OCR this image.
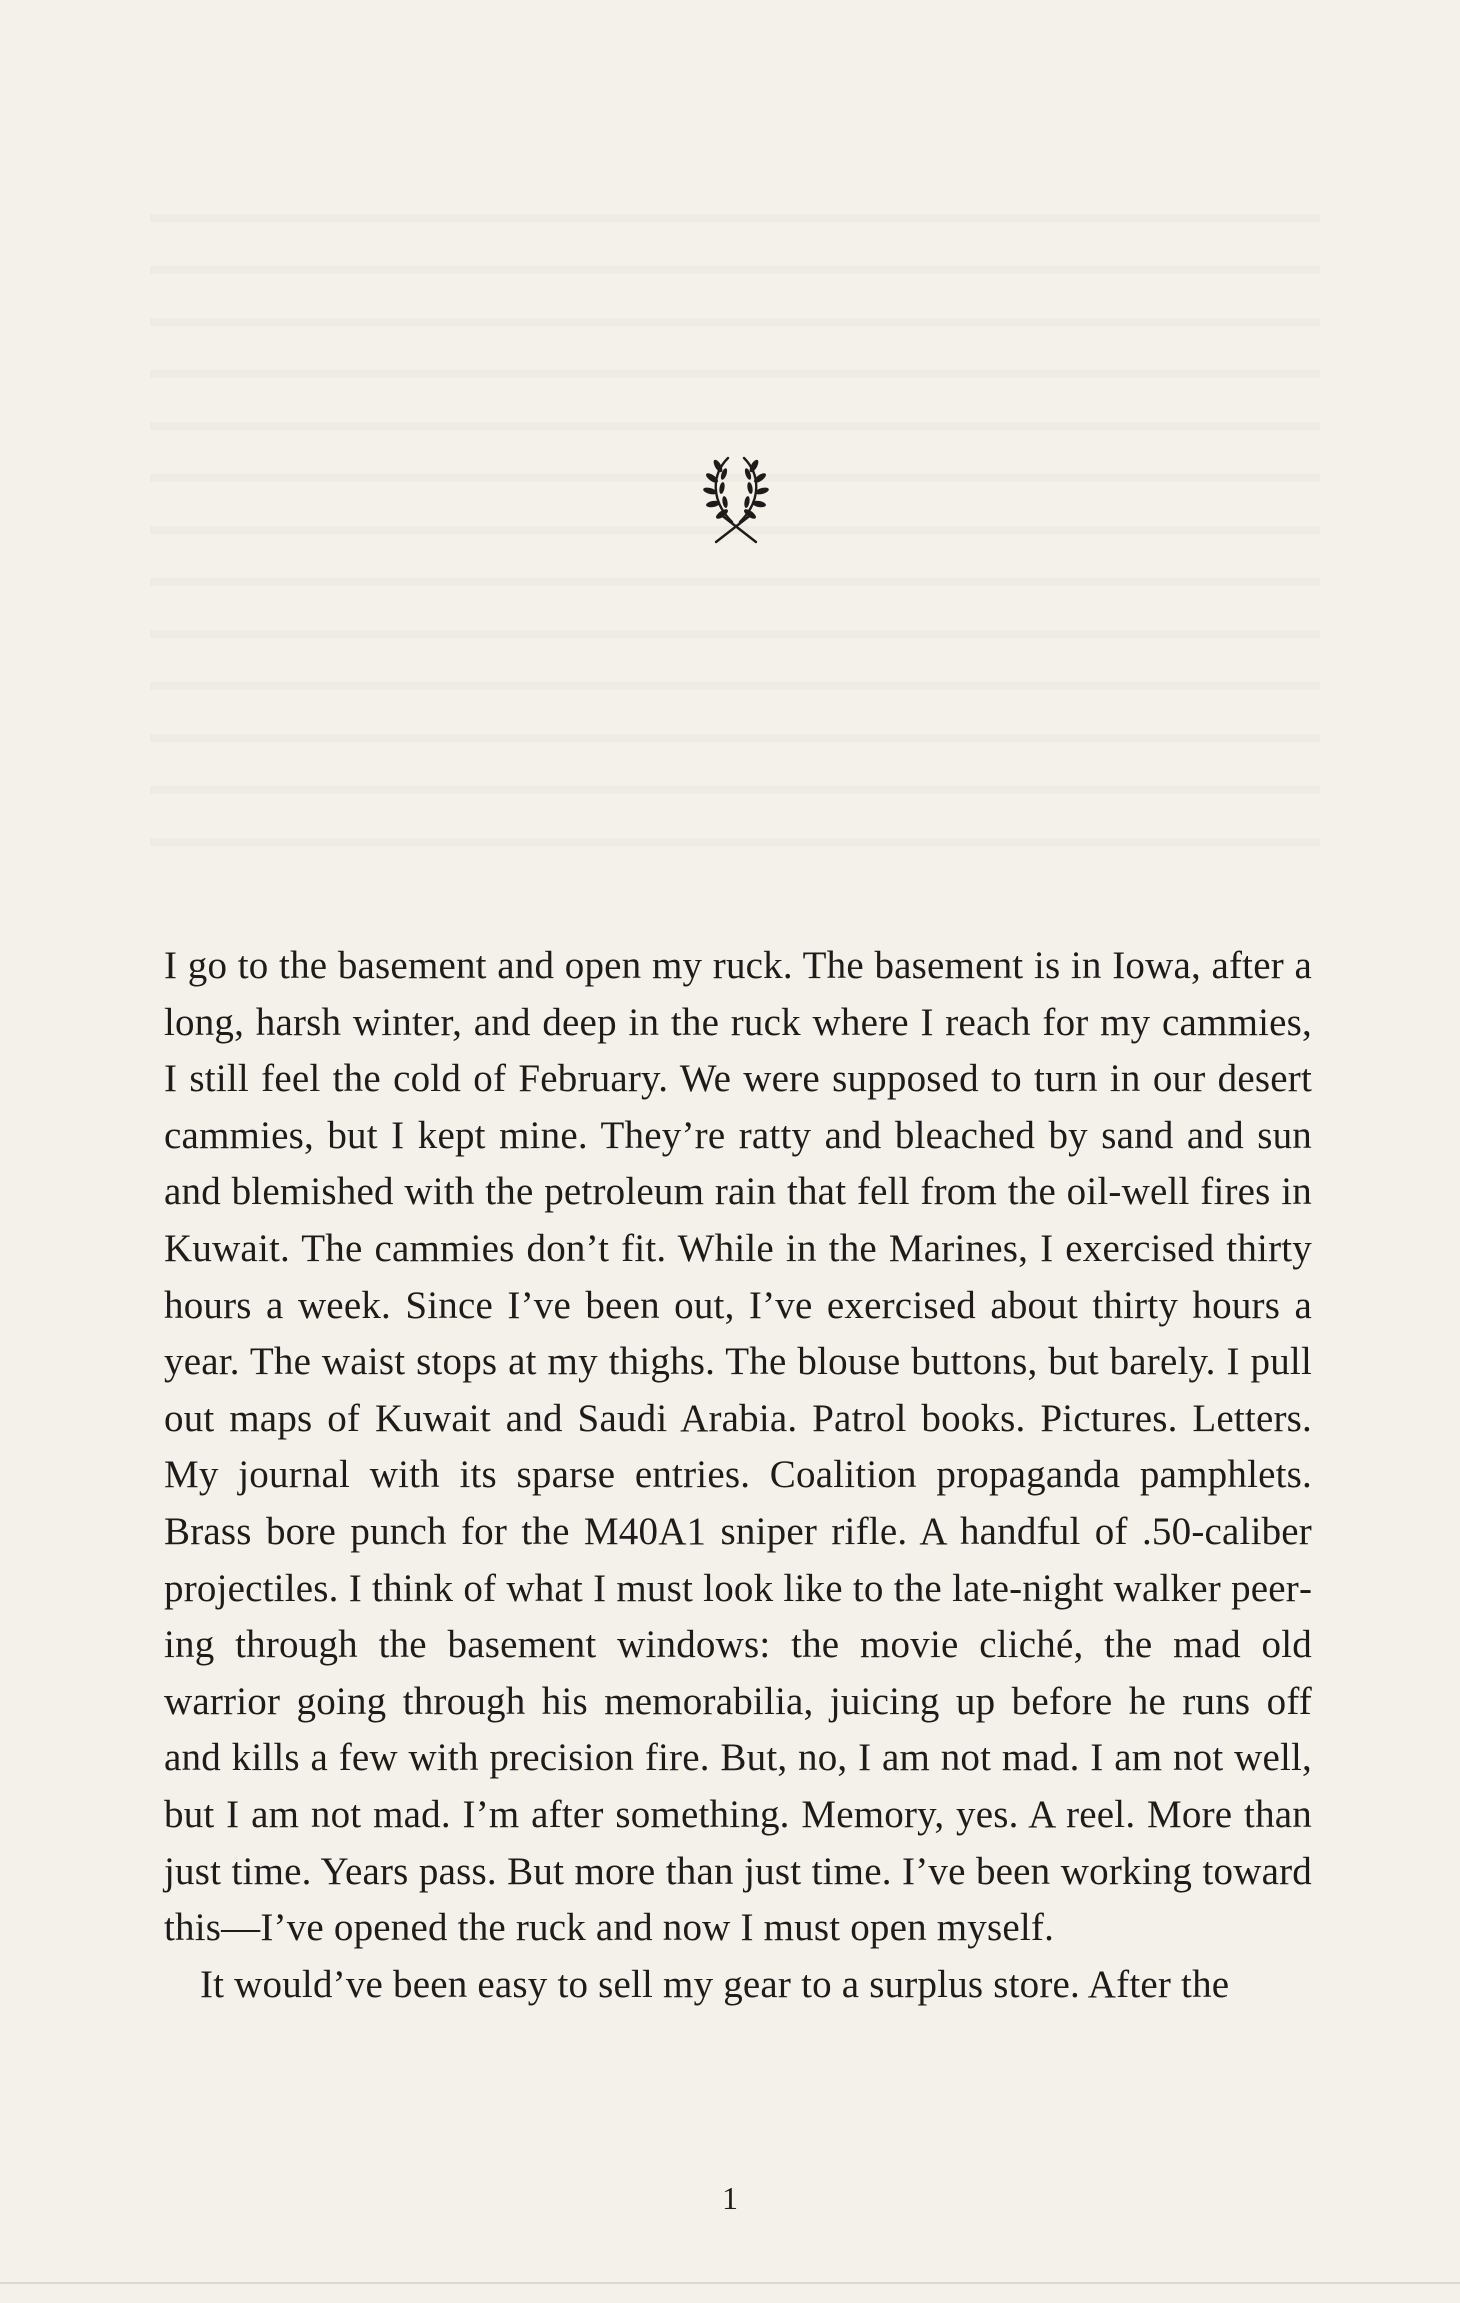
I go to the basement and open my ruck. The basement is in Iowa, after a long, harsh winter, and deep in the ruck where I reach for my cammies, I still feel the cold of February. We were supposed to turn in our desert cammies, but I kept mine. They’re ratty and bleached by sand and sun and blemished with the petroleum rain that fell from the oil-well fires in Kuwait. The cammies don’t fit. While in the Marines, I exercised thirty hours a week. Since I’ve been out, I’ve exercised about thirty hours a year. The waist stops at my thighs. The blouse buttons, but barely. I pull out maps of Kuwait and Saudi Arabia. Patrol books. Pictures. Letters. My journal with its sparse entries. Coalition propaganda pamphlets. Brass bore punch for the M40A1 sniper rifle. A handful of .50-caliber projectiles. I think of what I must look like to the late-night walker peering through the basement windows: the movie cliché, the mad old warrior going through his memorabilia, juicing up before he runs off and kills a few with precision fire. But, no, I am not mad. I am not well, but I am not mad. I’m after something. Memory, yes. A reel. More than just time. Years pass. But more than just time. I’ve been working toward this—I’ve opened the ruck and now I must open myself.

It would’ve been easy to sell my gear to a surplus store. After the

1
